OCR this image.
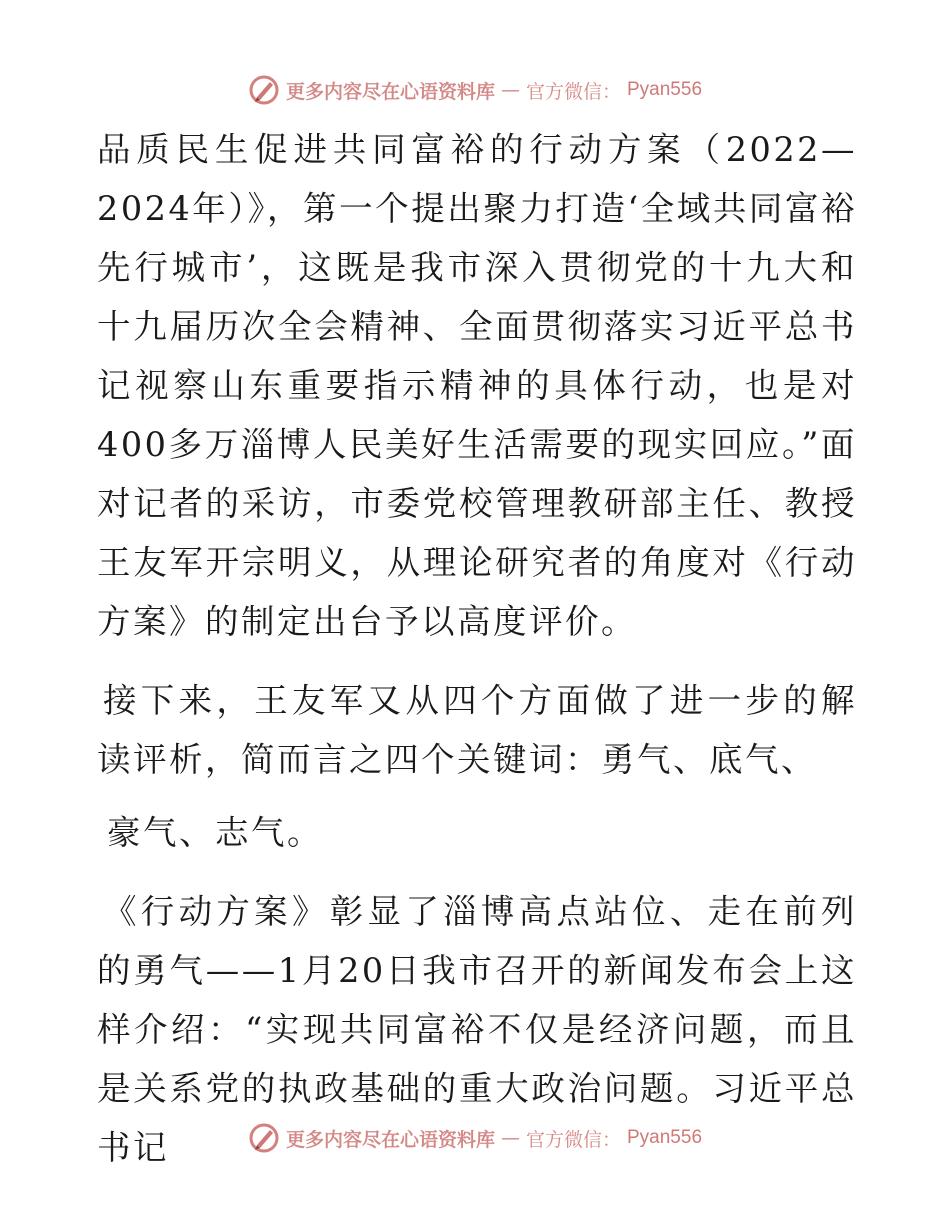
更多内容尽在心语资料库 — 官方微信： Pyan556

品质民生促进共同富裕的行动方案（2022—2024年）》，第一个提出聚力打造‘全域共同富裕先行城市’，这既是我市深入贯彻党的十九大和十九届历次全会精神、全面贯彻落实习近平总书记视察山东重要指示精神的具体行动，也是对400多万淄博人民美好生活需要的现实回应。”面对记者的采访，市委党校管理教研部主任、教授王友军开宗明义，从理论研究者的角度对《行动方案》的制定出台予以高度评价。

接下来，王友军又从四个方面做了进一步的解读评析，简而言之四个关键词：勇气、底气、

豪气、志气。

《行动方案》彰显了淄博高点站位、走在前列的勇气——1月20日我市召开的新闻发布会上这样介绍：“实现共同富裕不仅是经济问题，而且是关系党的执政基础的重大政治问题。习近平总书记	更多内容尽在心语资料库 — 官方微信： Pyan556
